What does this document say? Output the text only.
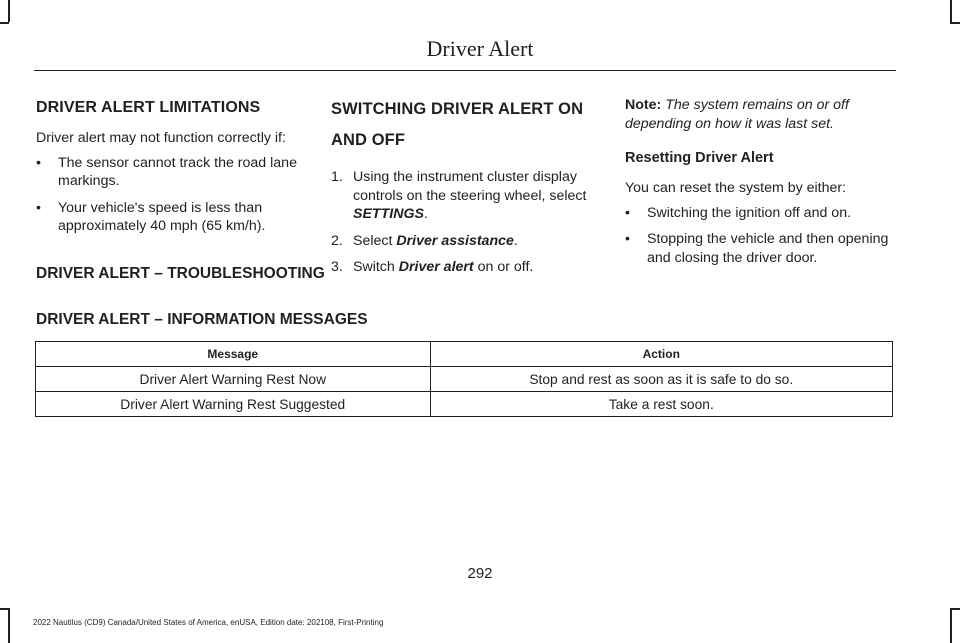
Driver Alert
DRIVER ALERT LIMITATIONS

Driver alert may not function correctly if:

• The sensor cannot track the road lane markings.
• Your vehicle's speed is less than approximately 40 mph (65 km/h).
SWITCHING DRIVER ALERT ON AND OFF
1. Using the instrument cluster display controls on the steering wheel, select SETTINGS.
2. Select Driver assistance.
3. Switch Driver alert on or off.

Note: The system remains on or off depending on how it was last set.

Resetting Driver Alert

You can reset the system by either:

• Switching the ignition off and on.
• Stopping the vehicle and then opening and closing the driver door.
DRIVER ALERT – TROUBLESHOOTING
DRIVER ALERT – INFORMATION MESSAGES
Message	Action
Driver Alert Warning Rest Now	Stop and rest as soon as it is safe to do so.
Driver Alert Warning Rest Suggested	Take a rest soon.
292
2022 Nautilus (CD9) Canada/United States of America, enUSA, Edition date: 202108, First-Printing
